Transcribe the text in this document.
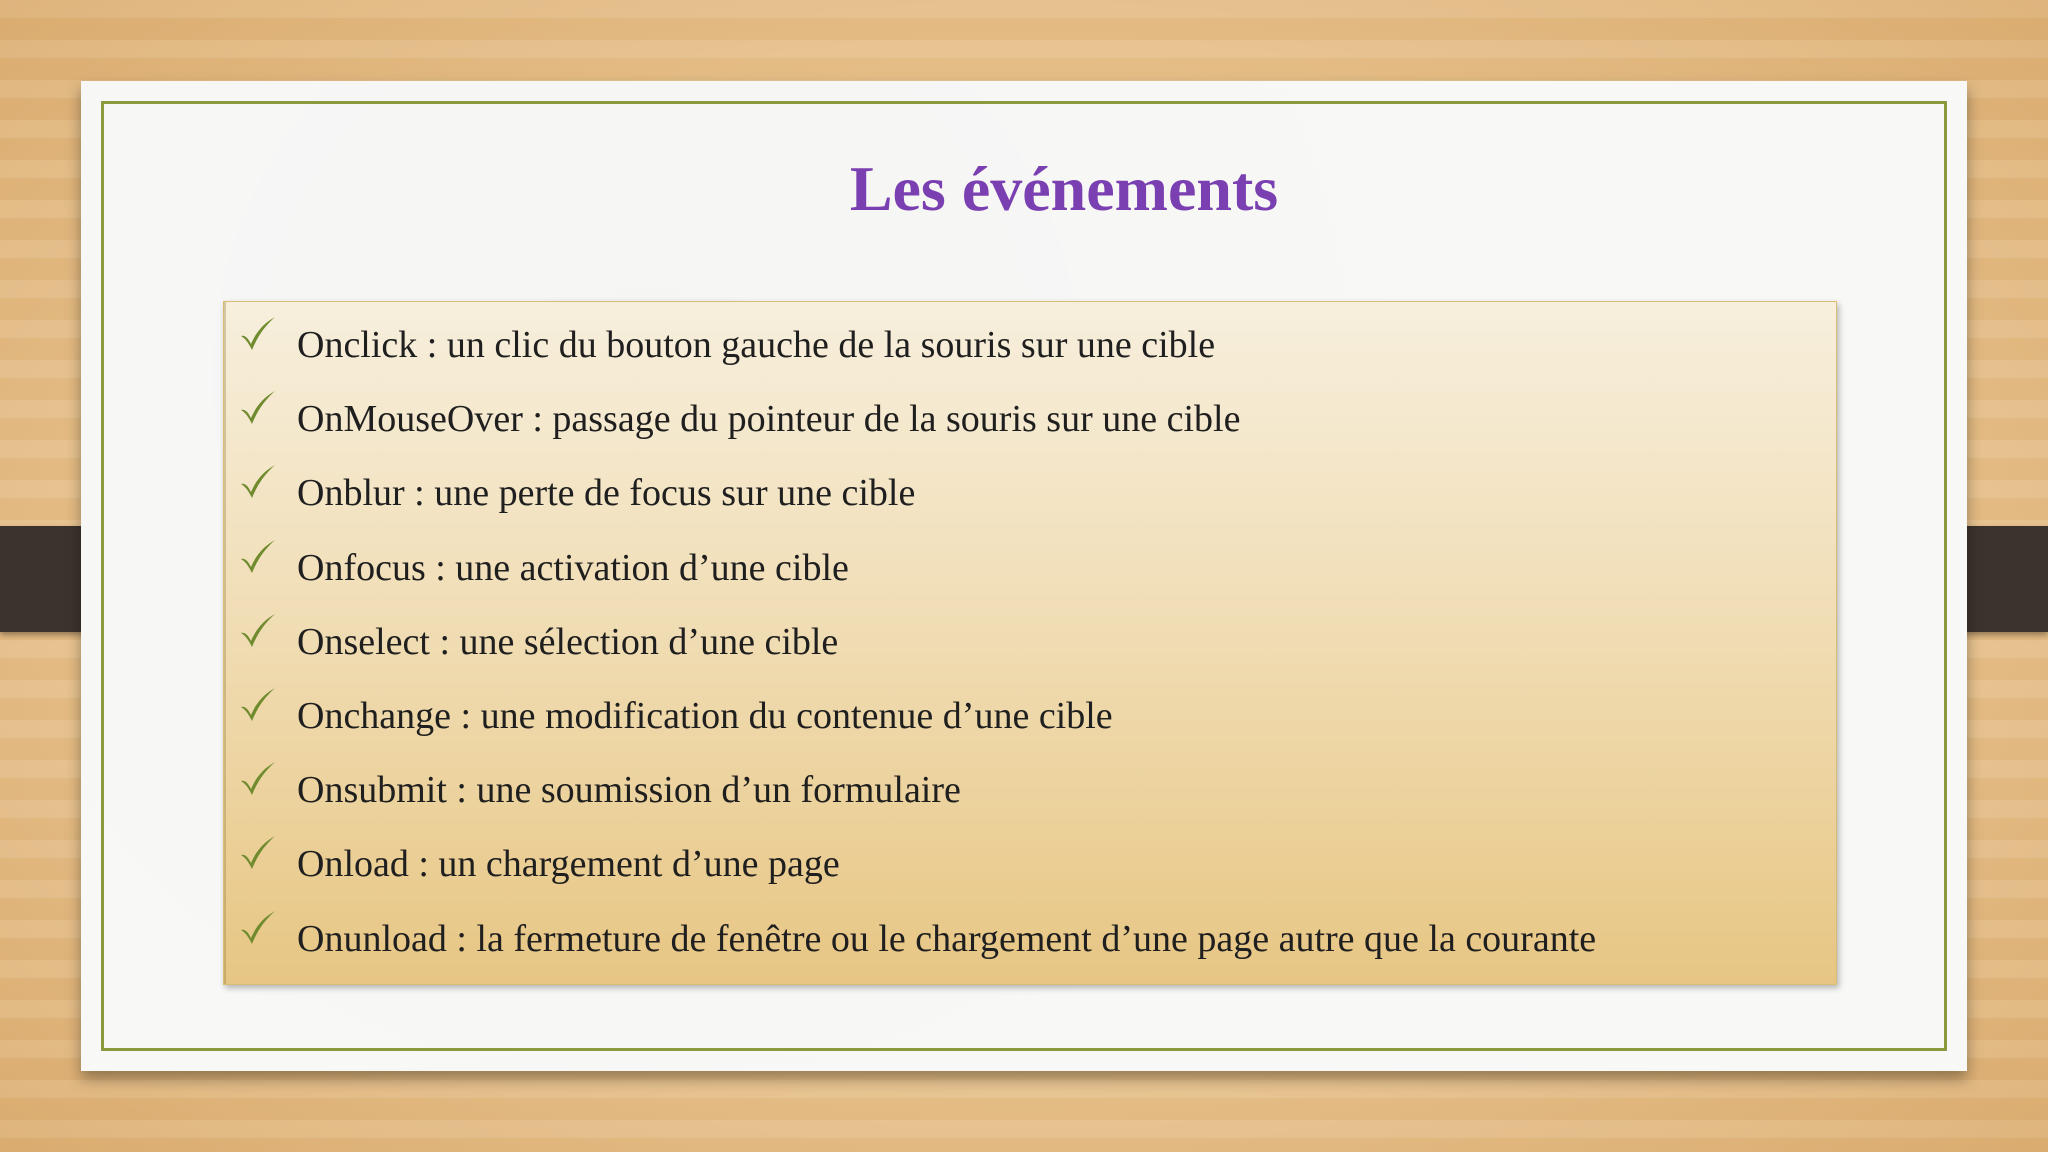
Les événements
Onclick : un clic du bouton gauche de la souris sur une cible
OnMouseOver : passage du pointeur de la souris sur une cible
Onblur : une perte de focus sur une cible
Onfocus : une activation d’une cible
Onselect : une sélection d’une cible
Onchange : une modification du contenue d’une cible
Onsubmit : une soumission d’un formulaire
Onload : un chargement d’une page
Onunload : la fermeture de fenêtre ou le chargement d’une page autre que la courante
